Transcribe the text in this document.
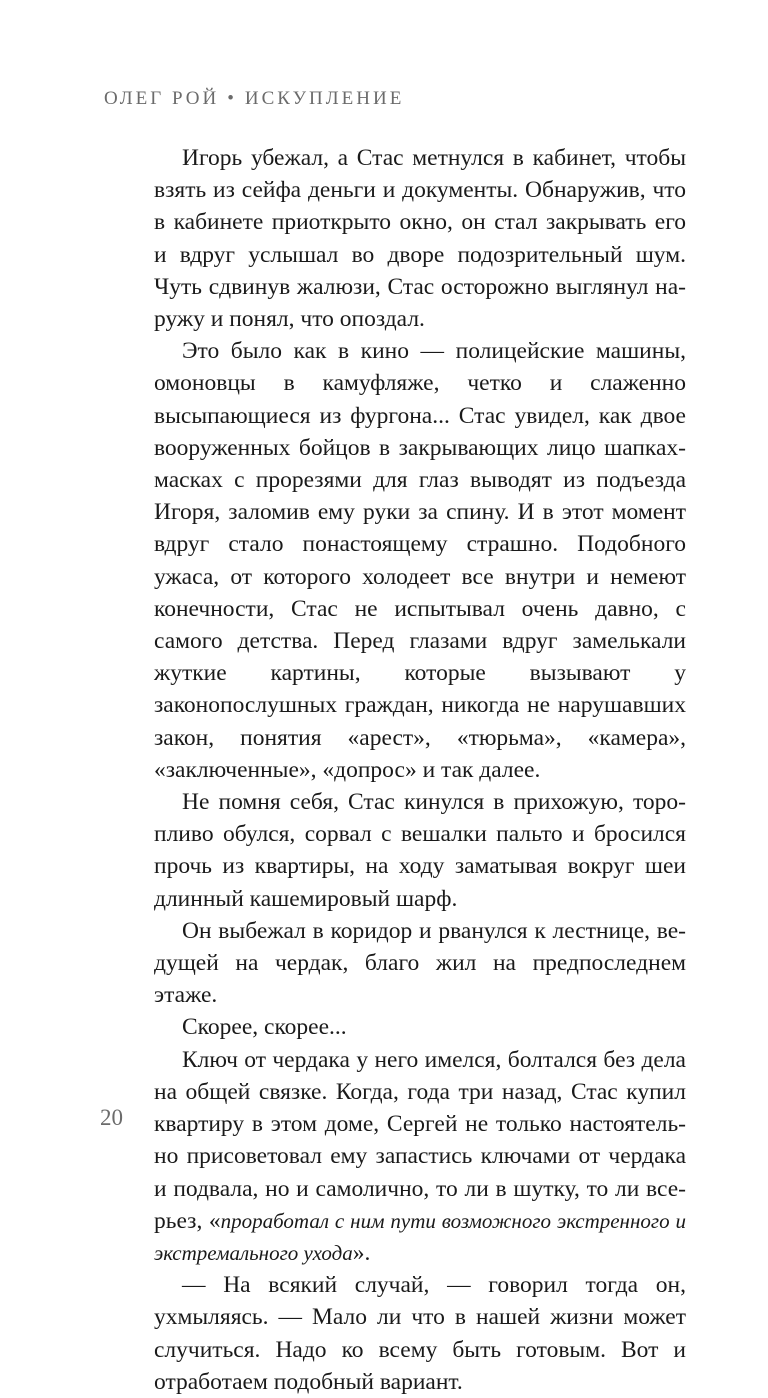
ОЛЕГ РОЙ • ИСКУПЛЕНИЕ

Игорь убежал, а Стас метнулся в кабинет, чтобы взять из сейфа деньги и документы. Обнаружив, что в кабинете приоткрыто окно, он стал закрывать его и вдруг услышал во дворе подозрительный шум. Чуть сдвинув жалюзи, Стас осторожно выглянул наружу и понял, что опоздал.

Это было как в кино — полицейские машины, омоновцы в камуфляже, четко и слаженно высыпающиеся из фургона... Стас увидел, как двое вооруженных бойцов в закрывающих лицо шапках-масках с прорезями для глаз выводят из подъезда Игоря, заломив ему руки за спину. И в этот момент вдруг стало понастоящему страшно. Подобного ужаса, от которого холодеет все внутри и немеют конечности, Стас не испытывал очень давно, с самого детства. Перед глазами вдруг замелькали жуткие картины, которые вызывают у законопослушных граждан, никогда не нарушавших закон, понятия «арест», «тюрьма», «камера», «заключенные», «допрос» и так далее.

Не помня себя, Стас кинулся в прихожую, торопливо обулся, сорвал с вешалки пальто и бросился прочь из квартиры, на ходу заматывая вокруг шеи длинный кашемировый шарф.

Он выбежал в коридор и рванулся к лестнице, ведущей на чердак, благо жил на предпоследнем этаже.

Скорее, скорее...

Ключ от чердака у него имелся, болтался без дела на общей связке. Когда, года три назад, Стас купил квартиру в этом доме, Сергей не только настоятельно присоветовал ему запастись ключами от чердака и подвала, но и самолично, то ли в шутку, то ли всерьез, «проработал с ним пути возможного экстренного и экстремального ухода».

— На всякий случай, — говорил тогда он, ухмыляясь. — Мало ли что в нашей жизни может случиться. Надо ко всему быть готовым. Вот и отработаем подобный вариант.

20
